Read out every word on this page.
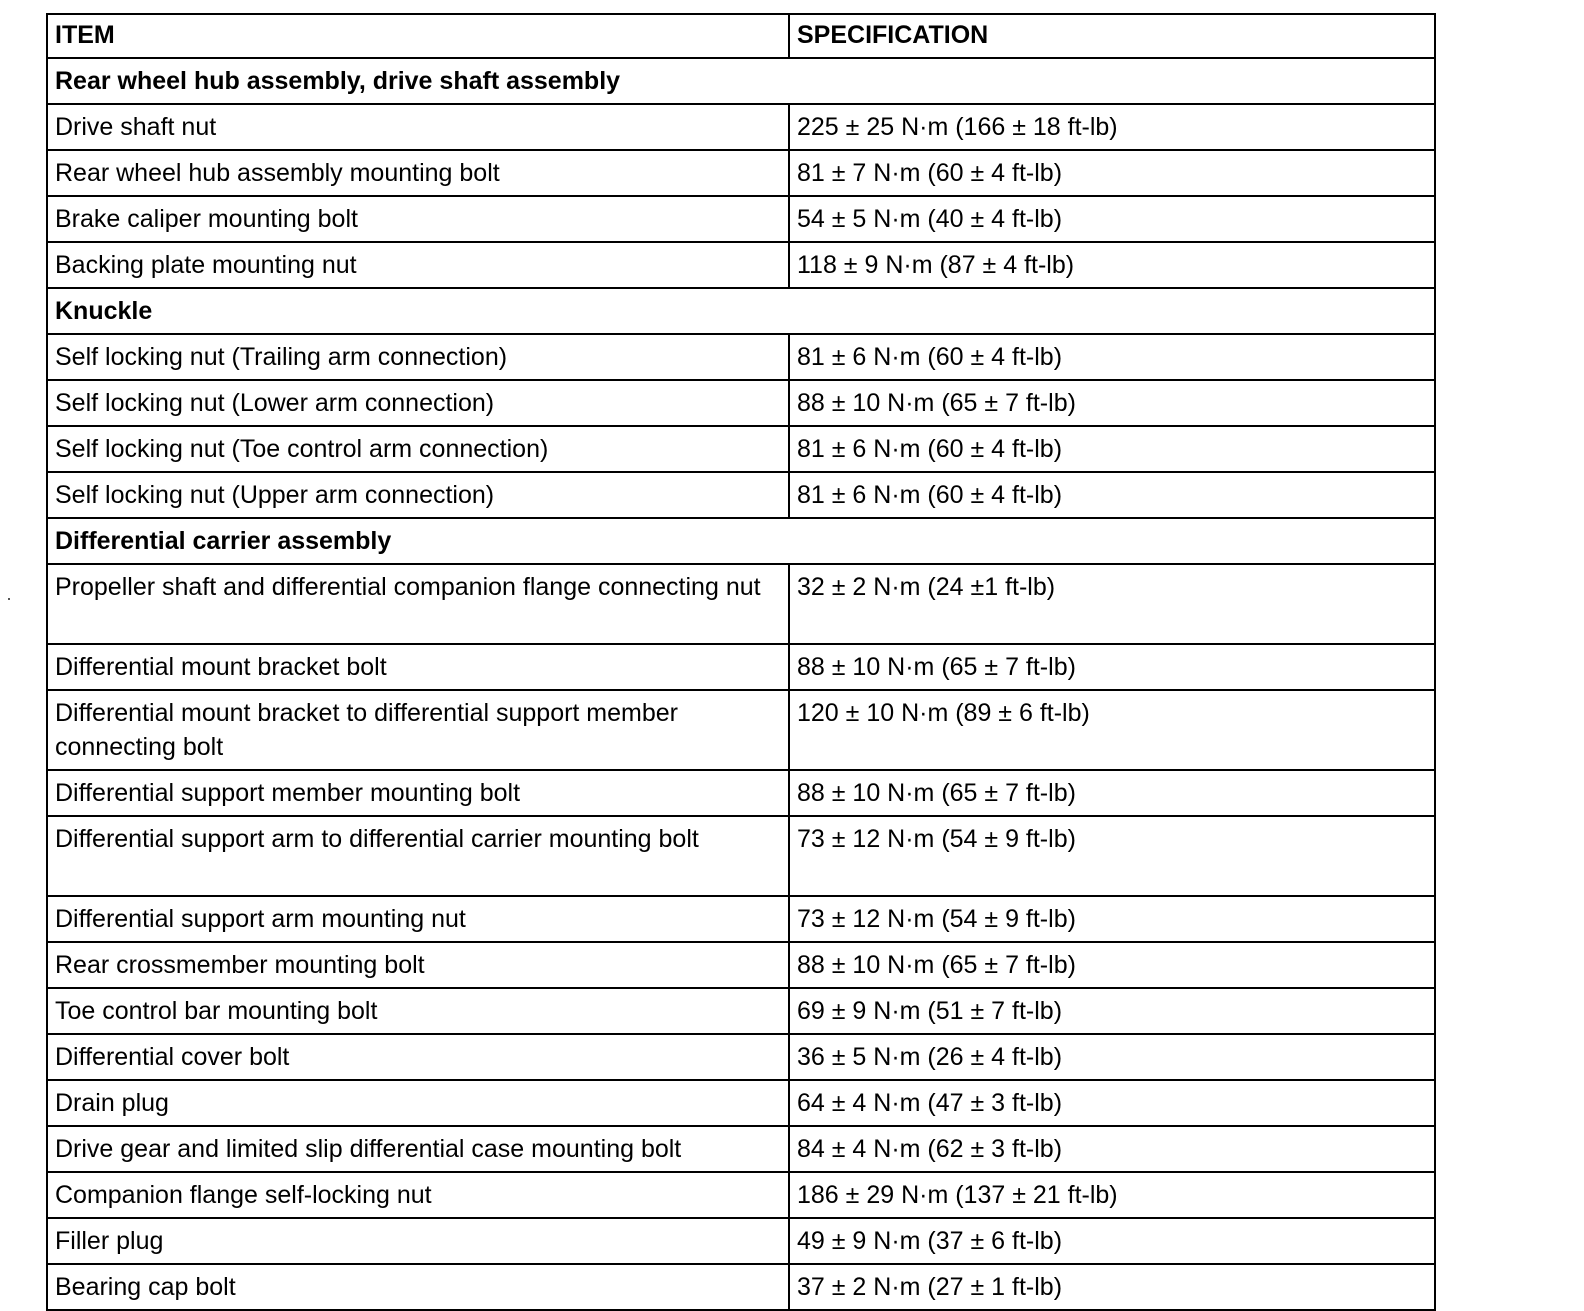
ITEM	SPECIFICATION
Rear wheel hub assembly, drive shaft assembly	
Drive shaft nut	225 ± 25 N·m (166 ± 18 ft-lb)
Rear wheel hub assembly mounting bolt	81 ± 7 N·m (60 ± 4 ft-lb)
Brake caliper mounting bolt	54 ± 5 N·m (40 ± 4 ft-lb)
Backing plate mounting nut	118 ± 9 N·m (87 ± 4 ft-lb)
Knuckle	
Self locking nut (Trailing arm connection)	81 ± 6 N·m (60 ± 4 ft-lb)
Self locking nut (Lower arm connection)	88 ± 10 N·m (65 ± 7 ft-lb)
Self locking nut (Toe control arm connection)	81 ± 6 N·m (60 ± 4 ft-lb)
Self locking nut (Upper arm connection)	81 ± 6 N·m (60 ± 4 ft-lb)
Differential carrier assembly	
Propeller shaft and differential companion flange connecting nut	32 ± 2 N·m (24 ±1 ft-lb)
Differential mount bracket bolt	88 ± 10 N·m (65 ± 7 ft-lb)
Differential mount bracket to differential support member connecting bolt	120 ± 10 N·m (89 ± 6 ft-lb)
Differential support member mounting bolt	88 ± 10 N·m (65 ± 7 ft-lb)
Differential support arm to differential carrier mounting bolt	73 ± 12 N·m (54 ± 9 ft-lb)
Differential support arm mounting nut	73 ± 12 N·m (54 ± 9 ft-lb)
Rear crossmember mounting bolt	88 ± 10 N·m (65 ± 7 ft-lb)
Toe control bar mounting bolt	69 ± 9 N·m (51 ± 7 ft-lb)
Differential cover bolt	36 ± 5 N·m (26 ± 4 ft-lb)
Drain plug	64 ± 4 N·m (47 ± 3 ft-lb)
Drive gear and limited slip differential case mounting bolt	84 ± 4 N·m (62 ± 3 ft-lb)
Companion flange self-locking nut	186 ± 29 N·m (137 ± 21 ft-lb)
Filler plug	49 ± 9 N·m (37 ± 6 ft-lb)
Bearing cap bolt	37 ± 2 N·m (27 ± 1 ft-lb)
